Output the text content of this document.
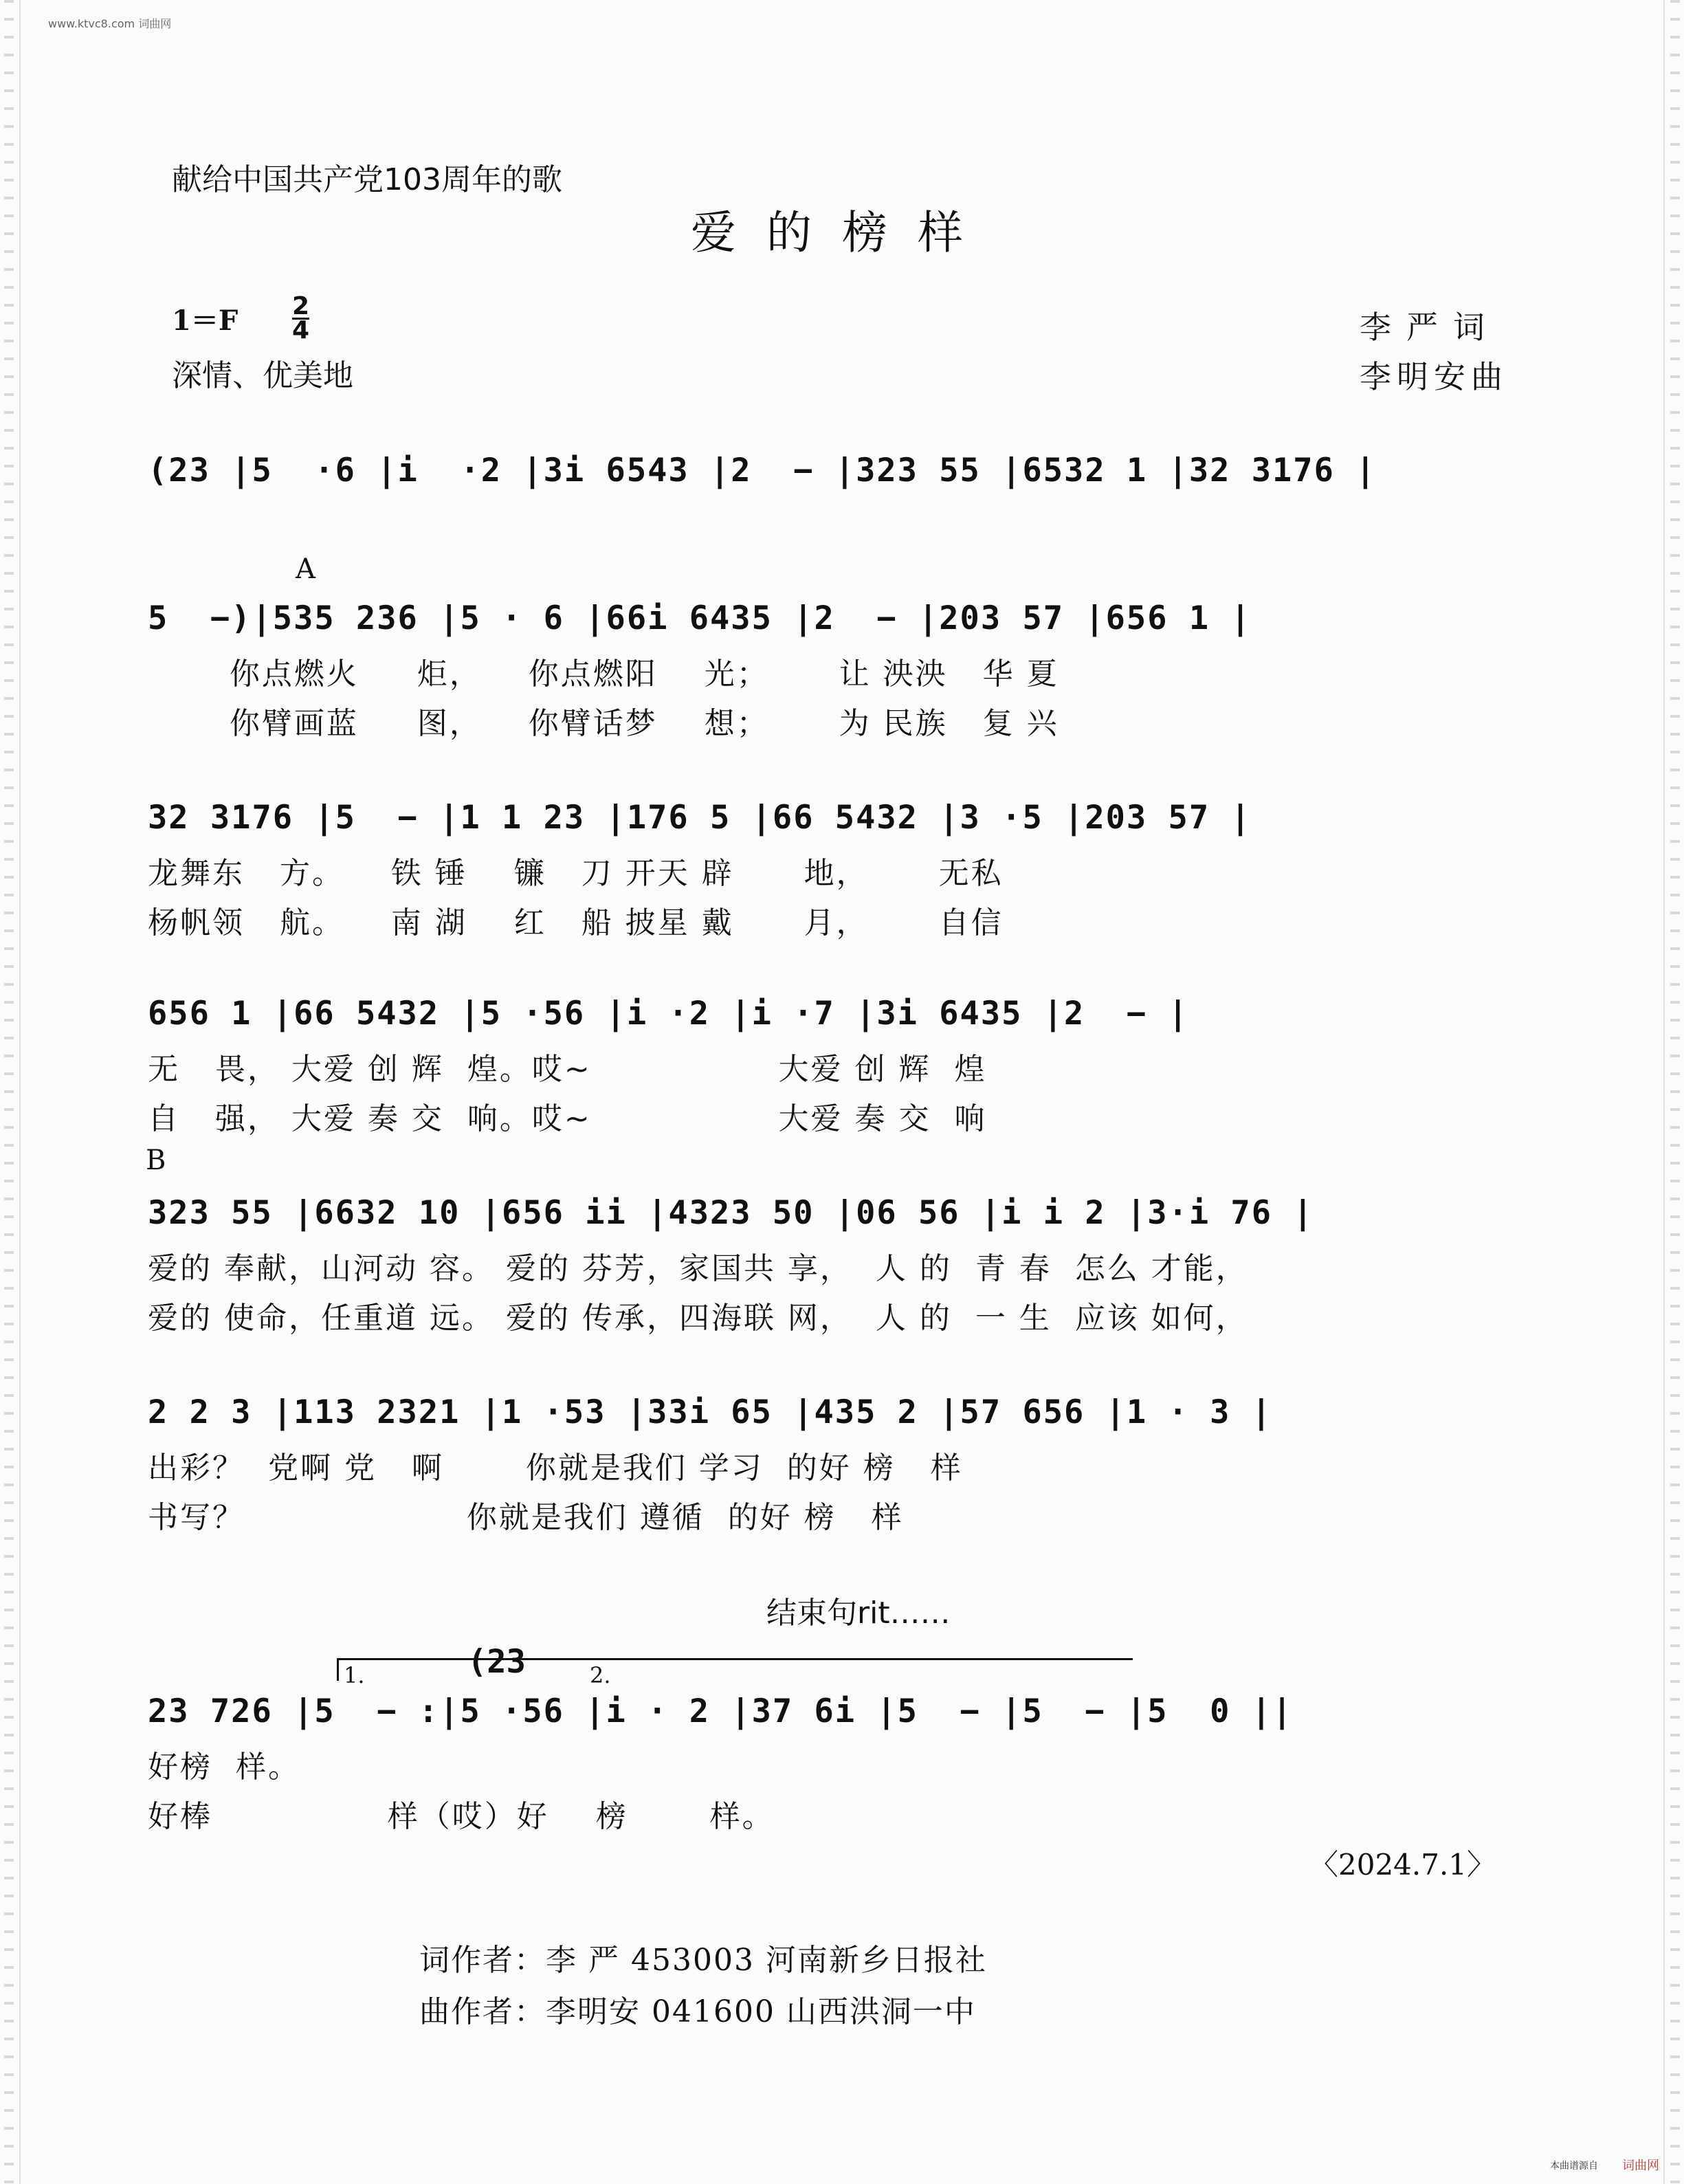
www.ktvc8.com 词曲网
献给中国共产党103周年的歌
爱的榜样
1＝F 2
4
深情、优美地
李严词
李明安曲
A
B
(23 |5  ·6 |i  ·2 |3i 6543 |2  − |323 55 |6532 1 |32 3176 |
5  −)|535 236 |5 · 6 |66i 6435 |2  − |203 57 |656 1 |
你点燃火     炬，    你点燃阳    光；      让 泱泱   华 夏
你臂画蓝     图，    你臂话梦    想；      为 民族   复 兴
32 3176 |5  − |1 1 23 |176 5 |66 5432 |3 ·5 |203 57 |
龙舞东   方。    铁 锤    镰   刀 开天 辟      地，      无私
杨帆领   航。    南 湖    红   船 披星 戴      月，      自信
656 1 |66 5432 |5 ·56 |i ·2 |i ·7 |3i 6435 |2  − |
无   畏， 大爱 创 辉  煌。哎~                大爱 创 辉  煌
自   强， 大爱 奏 交  响。哎~                大爱 奏 交  响
323 55 |6632 10 |656 ii |4323 50 |06 56 |i i 2 |3·i 76 |
爱的 奉献，山河动 容。 爱的 芬芳，家国共 享，  人 的  青 春  怎么 才能，
爱的 使命，任重道 远。 爱的 传承，四海联 网，  人 的  一 生  应该 如何，
2 2 3 |113 2321 |1 ·53 |33i 65 |435 2 |57 656 |1 · 3 |
出彩？  党啊 党   啊       你就是我们 学习  的好 榜   样
书写？                   你就是我们 遵循  的好 榜   样
结束句rit……
1.	2.
(23
23 726 |5  − :|5 ·56 |i · 2 |37 6i |5  − |5  − |5  0 ||
好榜  样。
好棒               样（哎）好    榜       样。
〈2024.7.1〉
词作者：李 严 453003 河南新乡日报社
曲作者：李明安 041600 山西洪洞一中
本曲谱源自 词曲网
